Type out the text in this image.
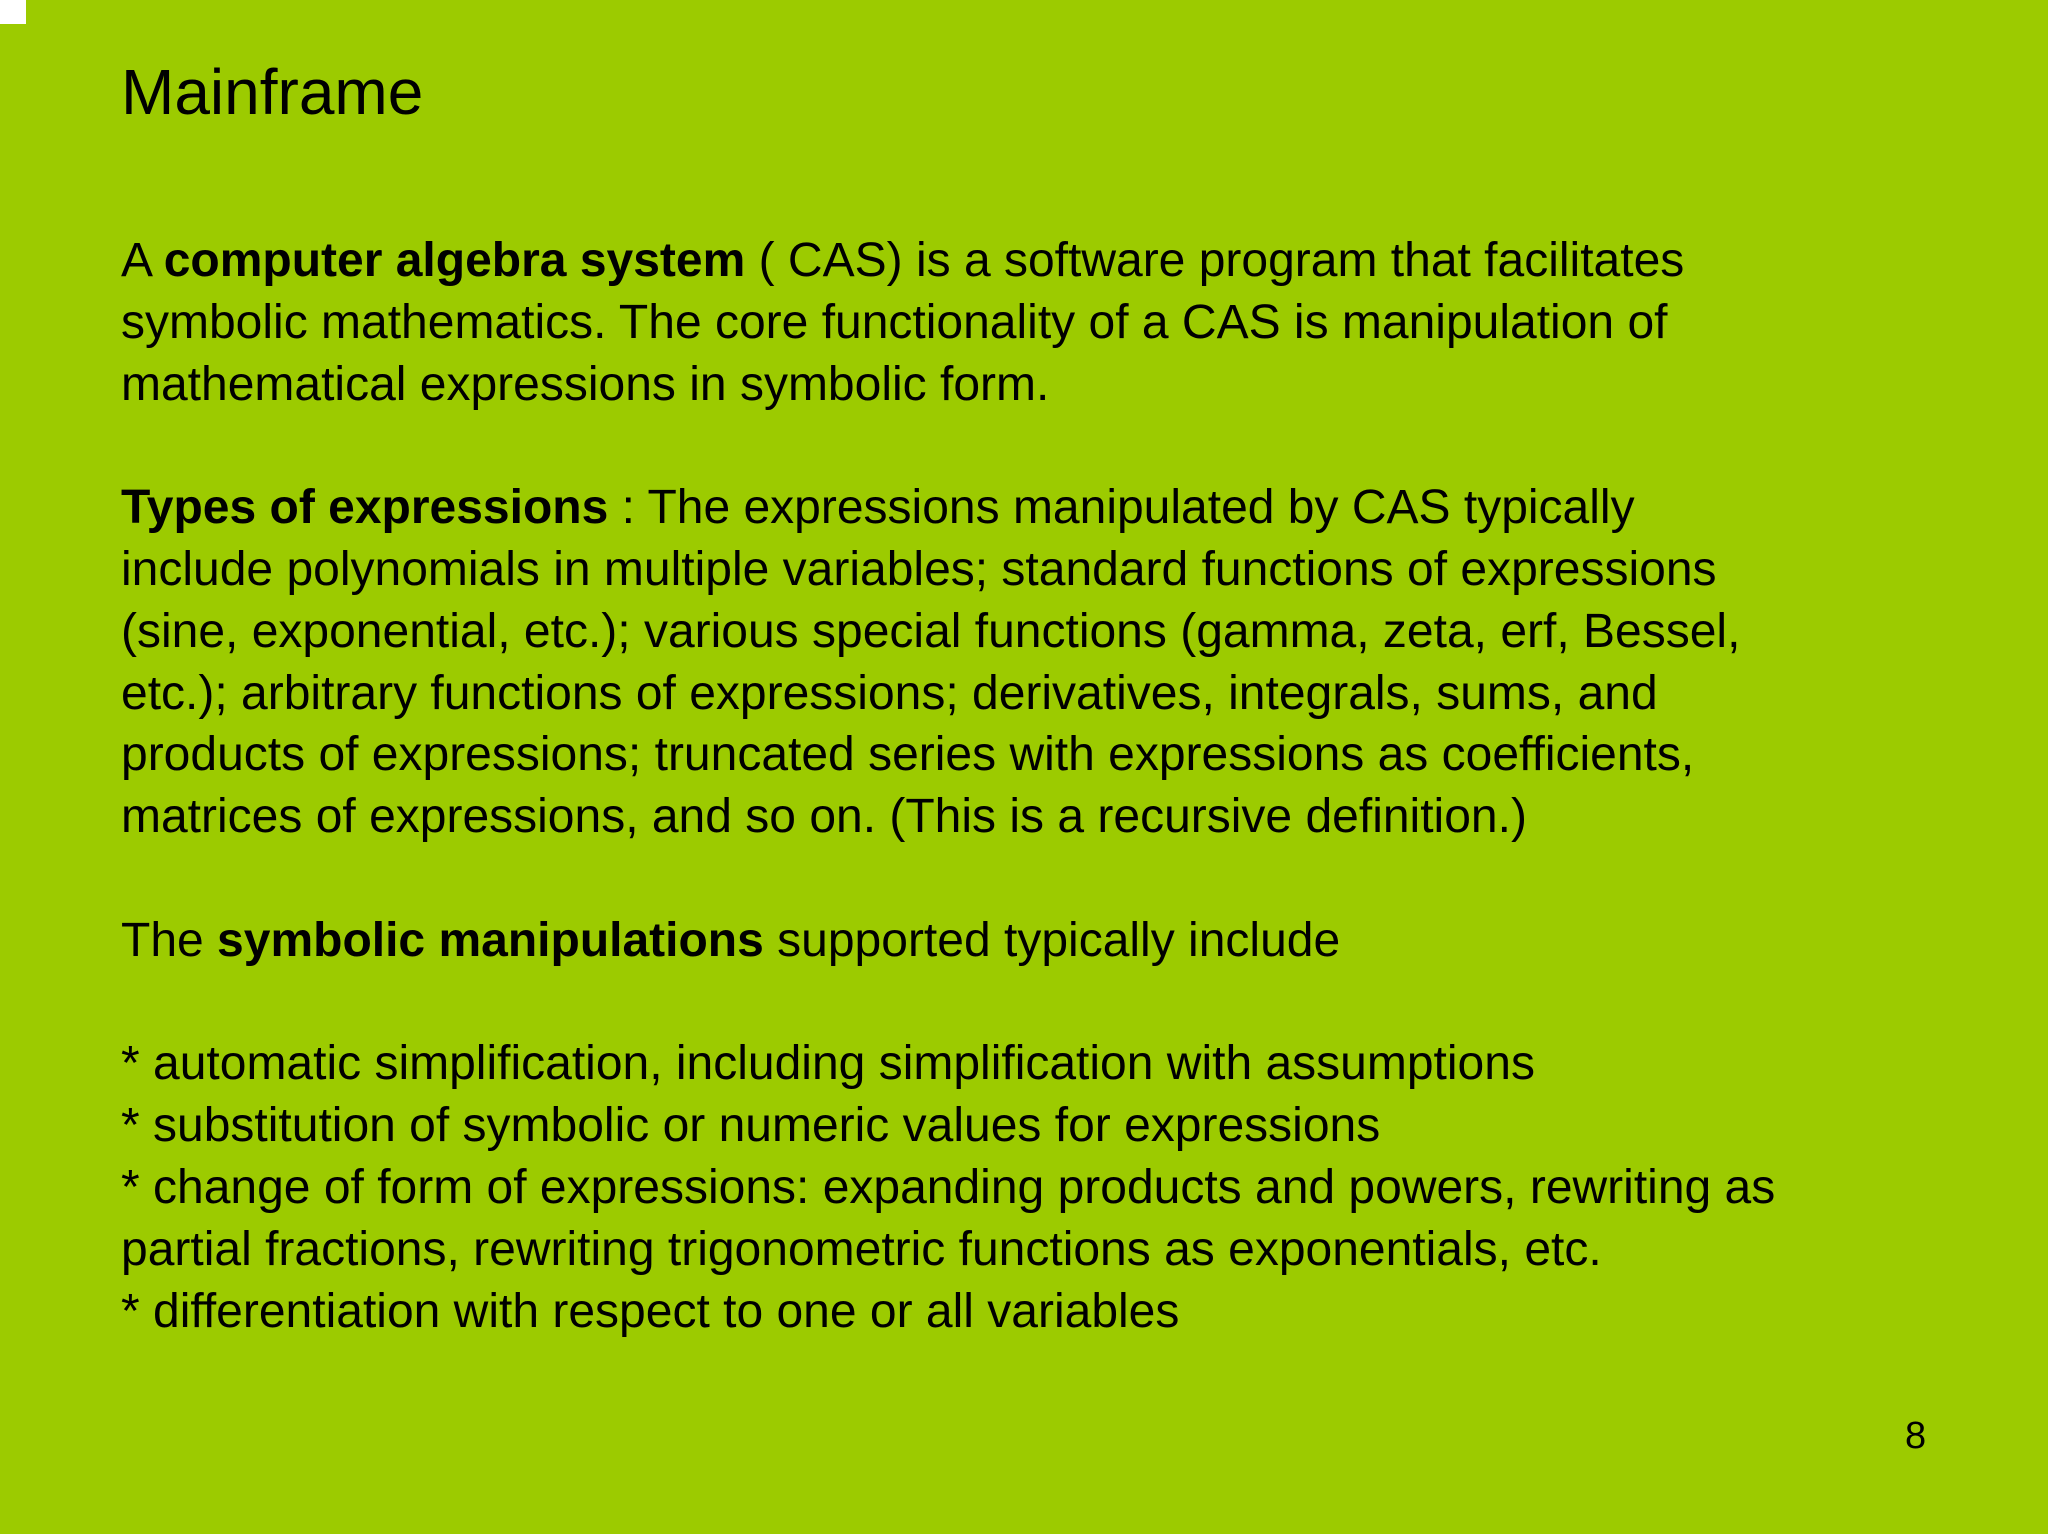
Mainframe

A computer algebra system ( CAS) is a software program that facilitates
symbolic mathematics. The core functionality of a CAS is manipulation of
mathematical expressions in symbolic form.

Types of expressions : The expressions manipulated by CAS typically
include polynomials in multiple variables; standard functions of expressions
(sine, exponential, etc.); various special functions (gamma, zeta, erf, Bessel,
etc.); arbitrary functions of expressions; derivatives, integrals, sums, and
products of expressions; truncated series with expressions as coefficients,
matrices of expressions, and so on. (This is a recursive definition.)

The symbolic manipulations supported typically include

* automatic simplification, including simplification with assumptions

* substitution of symbolic or numeric values for expressions

* change of form of expressions: expanding products and powers, rewriting as
partial fractions, rewriting trigonometric functions as exponentials, etc.

* differentiation with respect to one or all variables

8
